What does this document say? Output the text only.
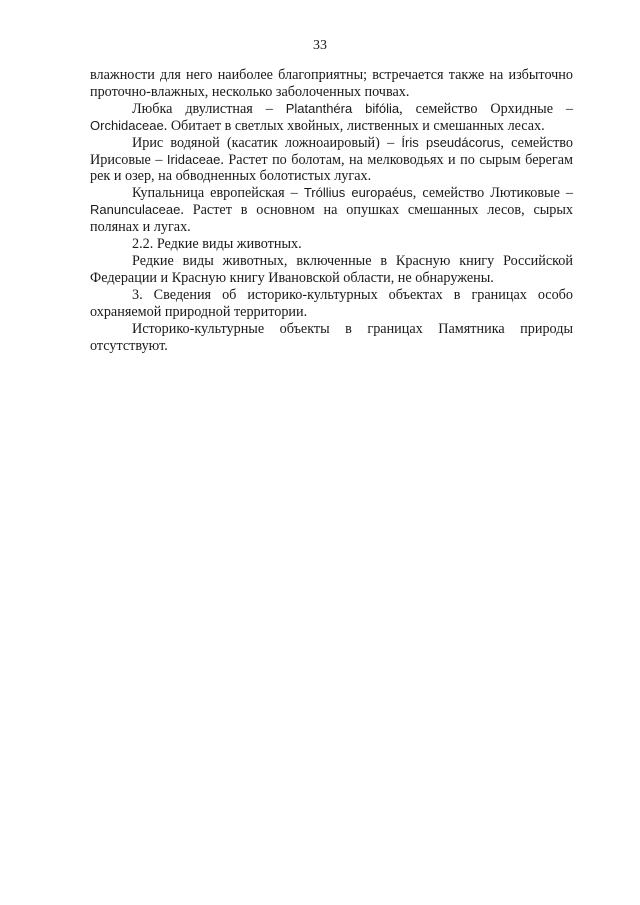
33

влажности для него наиболее благоприятны; встречается также на избыточно проточно-влажных, несколько заболоченных почвах.

Любка двулистная – Platanthéra bifólia, семейство Орхидные – Orchidaceae. Обитает в светлых хвойных, лиственных и смешанных лесах.

Ирис водяной (касатик ложноаировый) – Íris pseudácorus, семейство Ирисовые – Iridaceae. Растет по болотам, на мелководьях и по сырым берегам рек и озер, на обводненных болотистых лугах.

Купальница европейская – Tróllius europaéus, семейство Лютиковые – Ranunculaceae. Растет в основном на опушках смешанных лесов, сырых полянах и лугах.

2.2. Редкие виды животных.

Редкие виды животных, включенные в Красную книгу Российской Федерации и Красную книгу Ивановской области, не обнаружены.

3. Сведения об историко-культурных объектах в границах особо охраняемой природной территории.

Историко-культурные объекты в границах Памятника природы отсутствуют.
